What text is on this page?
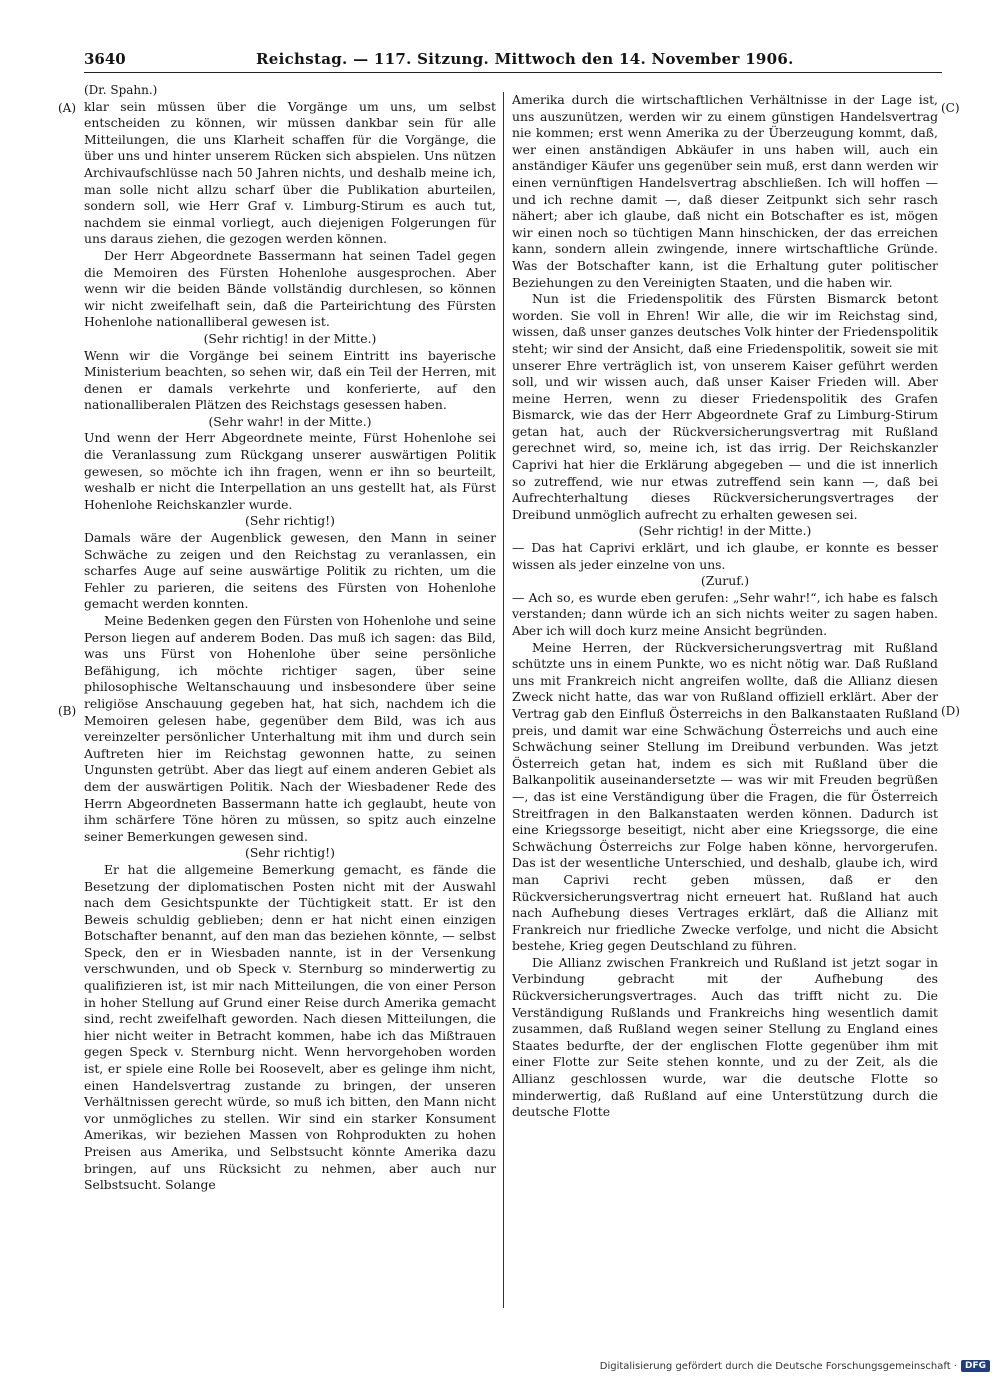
3640	Reichstag. — 117. Sitzung. Mittwoch den 14. November 1906.
(A)
(B)
(C)
(D)

(Dr. Spahn.)

klar sein müssen über die Vorgänge um uns, um selbst entscheiden zu können, wir müssen dankbar sein für alle Mitteilungen, die uns Klarheit schaffen für die Vorgänge, die über uns und hinter unserem Rücken sich abspielen. Uns nützen Archivaufschlüsse nach 50 Jahren nichts, und deshalb meine ich, man solle nicht allzu scharf über die Publikation aburteilen, sondern soll, wie Herr Graf v. Limburg-Stirum es auch tut, nachdem sie einmal vorliegt, auch diejenigen Folgerungen für uns daraus ziehen, die gezogen werden können.

Der Herr Abgeordnete Bassermann hat seinen Tadel gegen die Memoiren des Fürsten Hohenlohe ausgesprochen. Aber wenn wir die beiden Bände vollständig durchlesen, so können wir nicht zweifelhaft sein, daß die Parteirichtung des Fürsten Hohenlohe nationalliberal gewesen ist.

(Sehr richtig! in der Mitte.)

Wenn wir die Vorgänge bei seinem Eintritt ins bayerische Ministerium beachten, so sehen wir, daß ein Teil der Herren, mit denen er damals verkehrte und konferierte, auf den nationalliberalen Plätzen des Reichstags gesessen haben.

(Sehr wahr! in der Mitte.)

Und wenn der Herr Abgeordnete meinte, Fürst Hohenlohe sei die Veranlassung zum Rückgang unserer auswärtigen Politik gewesen, so möchte ich ihn fragen, wenn er ihn so beurteilt, weshalb er nicht die Interpellation an uns gestellt hat, als Fürst Hohenlohe Reichskanzler wurde.

(Sehr richtig!)

Damals wäre der Augenblick gewesen, den Mann in seiner Schwäche zu zeigen und den Reichstag zu veranlassen, ein scharfes Auge auf seine auswärtige Politik zu richten, um die Fehler zu parieren, die seitens des Fürsten von Hohenlohe gemacht werden konnten.

Meine Bedenken gegen den Fürsten von Hohenlohe und seine Person liegen auf anderem Boden. Das muß ich sagen: das Bild, was uns Fürst von Hohenlohe über seine persönliche Befähigung, ich möchte richtiger sagen, über seine philosophische Weltanschauung und insbesondere über seine religiöse Anschauung gegeben hat, hat sich, nachdem ich die Memoiren gelesen habe, gegenüber dem Bild, was ich aus vereinzelter persönlicher Unterhaltung mit ihm und durch sein Auftreten hier im Reichstag gewonnen hatte, zu seinen Ungunsten getrübt. Aber das liegt auf einem anderen Gebiet als dem der auswärtigen Politik. Nach der Wiesbadener Rede des Herrn Abgeordneten Bassermann hatte ich geglaubt, heute von ihm schärfere Töne hören zu müssen, so spitz auch einzelne seiner Bemerkungen gewesen sind.

(Sehr richtig!)

Er hat die allgemeine Bemerkung gemacht, es fände die Besetzung der diplomatischen Posten nicht mit der Auswahl nach dem Gesichtspunkte der Tüchtigkeit statt. Er ist den Beweis schuldig geblieben; denn er hat nicht einen einzigen Botschafter benannt, auf den man das beziehen könnte, — selbst Speck, den er in Wiesbaden nannte, ist in der Versenkung verschwunden, und ob Speck v. Sternburg so minderwertig zu qualifizieren ist, ist mir nach Mitteilungen, die von einer Person in hoher Stellung auf Grund einer Reise durch Amerika gemacht sind, recht zweifelhaft geworden. Nach diesen Mitteilungen, die hier nicht weiter in Betracht kommen, habe ich das Mißtrauen gegen Speck v. Sternburg nicht. Wenn hervorgehoben worden ist, er spiele eine Rolle bei Roosevelt, aber es gelinge ihm nicht, einen Handelsvertrag zustande zu bringen, der unseren Verhältnissen gerecht würde, so muß ich bitten, den Mann nicht vor unmögliches zu stellen. Wir sind ein starker Konsument Amerikas, wir beziehen Massen von Rohprodukten zu hohen Preisen aus Amerika, und Selbstsucht könnte Amerika dazu bringen, auf uns Rücksicht zu nehmen, aber auch nur Selbstsucht. Solange

Amerika durch die wirtschaftlichen Verhältnisse in der Lage ist, uns auszunützen, werden wir zu einem günstigen Handelsvertrag nie kommen; erst wenn Amerika zu der Überzeugung kommt, daß, wer einen anständigen Abkäufer in uns haben will, auch ein anständiger Käufer uns gegenüber sein muß, erst dann werden wir einen vernünftigen Handelsvertrag abschließen. Ich will hoffen — und ich rechne damit —, daß dieser Zeitpunkt sich sehr rasch nähert; aber ich glaube, daß nicht ein Botschafter es ist, mögen wir einen noch so tüchtigen Mann hinschicken, der das erreichen kann, sondern allein zwingende, innere wirtschaftliche Gründe. Was der Botschafter kann, ist die Erhaltung guter politischer Beziehungen zu den Vereinigten Staaten, und die haben wir.

Nun ist die Friedenspolitik des Fürsten Bismarck betont worden. Sie voll in Ehren! Wir alle, die wir im Reichstag sind, wissen, daß unser ganzes deutsches Volk hinter der Friedenspolitik steht; wir sind der Ansicht, daß eine Friedenspolitik, soweit sie mit unserer Ehre verträglich ist, von unserem Kaiser geführt werden soll, und wir wissen auch, daß unser Kaiser Frieden will. Aber meine Herren, wenn zu dieser Friedenspolitik des Grafen Bismarck, wie das der Herr Abgeordnete Graf zu Limburg-Stirum getan hat, auch der Rückversicherungsvertrag mit Rußland gerechnet wird, so, meine ich, ist das irrig. Der Reichskanzler Caprivi hat hier die Erklärung abgegeben — und die ist innerlich so zutreffend, wie nur etwas zutreffend sein kann —, daß bei Aufrechterhaltung dieses Rückversicherungsvertrages der Dreibund unmöglich aufrecht zu erhalten gewesen sei.

(Sehr richtig! in der Mitte.)

— Das hat Caprivi erklärt, und ich glaube, er konnte es besser wissen als jeder einzelne von uns.

(Zuruf.)

— Ach so, es wurde eben gerufen: „Sehr wahr!“, ich habe es falsch verstanden; dann würde ich an sich nichts weiter zu sagen haben. Aber ich will doch kurz meine Ansicht begründen.

Meine Herren, der Rückversicherungsvertrag mit Rußland schützte uns in einem Punkte, wo es nicht nötig war. Daß Rußland uns mit Frankreich nicht angreifen wollte, daß die Allianz diesen Zweck nicht hatte, das war von Rußland offiziell erklärt. Aber der Vertrag gab den Einfluß Österreichs in den Balkanstaaten Rußland preis, und damit war eine Schwächung Österreichs und auch eine Schwächung seiner Stellung im Dreibund verbunden. Was jetzt Österreich getan hat, indem es sich mit Rußland über die Balkanpolitik auseinandersetzte — was wir mit Freuden begrüßen —, das ist eine Verständigung über die Fragen, die für Österreich Streitfragen in den Balkanstaaten werden können. Dadurch ist eine Kriegssorge beseitigt, nicht aber eine Kriegssorge, die eine Schwächung Österreichs zur Folge haben könne, hervorgerufen. Das ist der wesentliche Unterschied, und deshalb, glaube ich, wird man Caprivi recht geben müssen, daß er den Rückversicherungsvertrag nicht erneuert hat. Rußland hat auch nach Aufhebung dieses Vertrages erklärt, daß die Allianz mit Frankreich nur friedliche Zwecke verfolge, und nicht die Absicht bestehe, Krieg gegen Deutschland zu führen.

Die Allianz zwischen Frankreich und Rußland ist jetzt sogar in Verbindung gebracht mit der Aufhebung des Rückversicherungsvertrages. Auch das trifft nicht zu. Die Verständigung Rußlands und Frankreichs hing wesentlich damit zusammen, daß Rußland wegen seiner Stellung zu England eines Staates bedurfte, der der englischen Flotte gegenüber ihm mit einer Flotte zur Seite stehen konnte, und zu der Zeit, als die Allianz geschlossen wurde, war die deutsche Flotte so minderwertig, daß Rußland auf eine Unterstützung durch die deutsche Flotte

Digitalisierung gefördert durch die Deutsche Forschungsgemeinschaft · DFG
